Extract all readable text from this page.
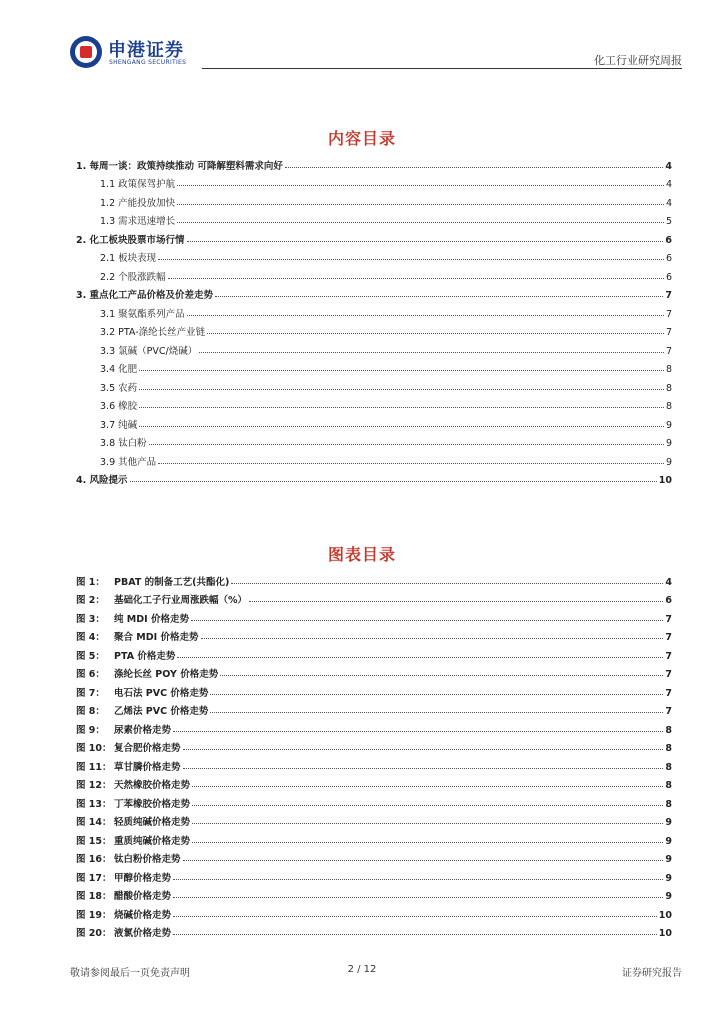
申港证券
SHENGANG SECURITIES	化工行业研究周报
内容目录
1. 每周一谈：政策持续推动 可降解塑料需求向好	4
1.1 政策保驾护航	4
1.2 产能投放加快	4
1.3 需求迅速增长	5
2. 化工板块股票市场行情	6
2.1 板块表现	6
2.2 个股涨跌幅	6
3. 重点化工产品价格及价差走势	7
3.1 聚氨酯系列产品	7
3.2 PTA-涤纶长丝产业链	7
3.3 氯碱（PVC/烧碱）	7
3.4 化肥	8
3.5 农药	8
3.6 橡胶	8
3.7 纯碱	9
3.8 钛白粉	9
3.9 其他产品	9
4. 风险提示	10
图表目录
图 1： PBAT 的制备工艺(共酯化)	4
图 2： 基础化工子行业周涨跌幅（%）	6
图 3： 纯 MDI 价格走势	7
图 4： 聚合 MDI 价格走势	7
图 5： PTA 价格走势	7
图 6： 涤纶长丝 POY 价格走势	7
图 7： 电石法 PVC 价格走势	7
图 8： 乙烯法 PVC 价格走势	7
图 9： 尿素价格走势	8
图 10： 复合肥价格走势	8
图 11： 草甘膦价格走势	8
图 12： 天然橡胶价格走势	8
图 13： 丁苯橡胶价格走势	8
图 14： 轻质纯碱价格走势	9
图 15： 重质纯碱价格走势	9
图 16： 钛白粉价格走势	9
图 17： 甲醇价格走势	9
图 18： 醋酸价格走势	9
图 19： 烧碱价格走势	10
图 20： 液氯价格走势	10
敬请参阅最后一页免责声明	2 / 12	证券研究报告
